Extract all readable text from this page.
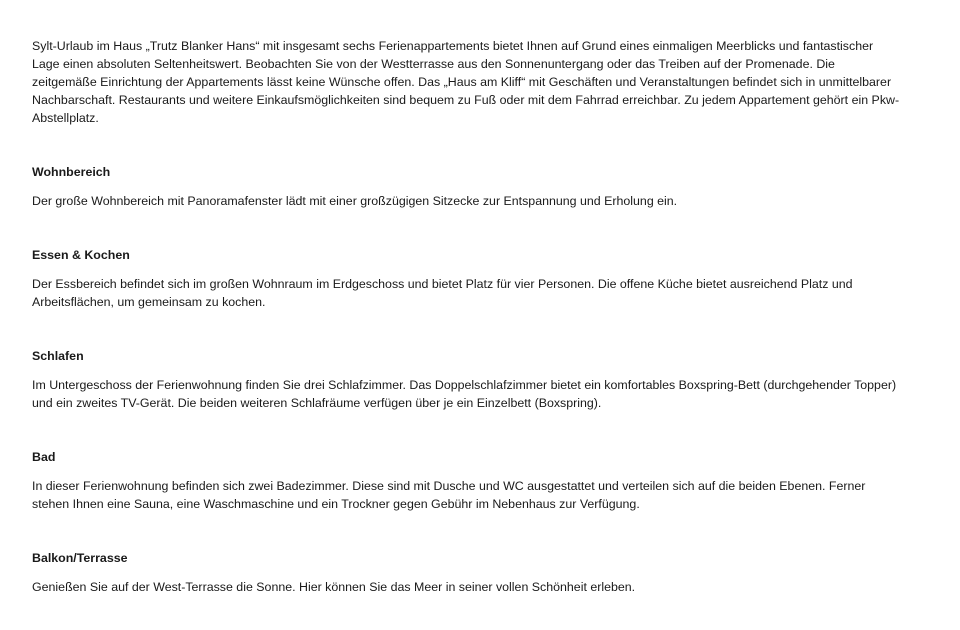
Sylt-Urlaub im Haus „Trutz Blanker Hans“ mit insgesamt sechs Ferienappartements bietet Ihnen auf Grund eines einmaligen Meerblicks und fantastischer Lage einen absoluten Seltenheitswert. Beobachten Sie von der Westterrasse aus den Sonnenuntergang oder das Treiben auf der Promenade. Die zeitgemäße Einrichtung der Appartements lässt keine Wünsche offen. Das „Haus am Kliff“ mit Geschäften und Veranstaltungen befindet sich in unmittelbarer Nachbarschaft. Restaurants und weitere Einkaufsmöglichkeiten sind bequem zu Fuß oder mit dem Fahrrad erreichbar. Zu jedem Appartement gehört ein Pkw-Abstellplatz.

Wohnbereich

Der große Wohnbereich mit Panoramafenster lädt mit einer großzügigen Sitzecke zur Entspannung und Erholung ein.

Essen & Kochen

Der Essbereich befindet sich im großen Wohnraum im Erdgeschoss und bietet Platz für vier Personen. Die offene Küche bietet ausreichend Platz und Arbeitsflächen, um gemeinsam zu kochen.

Schlafen

Im Untergeschoss der Ferienwohnung finden Sie drei Schlafzimmer. Das Doppelschlafzimmer bietet ein komfortables Boxspring-Bett (durchgehender Topper) und ein zweites TV-Gerät. Die beiden weiteren Schlafräume verfügen über je ein Einzelbett (Boxspring).

Bad

In dieser Ferienwohnung befinden sich zwei Badezimmer. Diese sind mit Dusche und WC ausgestattet und verteilen sich auf die beiden Ebenen. Ferner stehen Ihnen eine Sauna, eine Waschmaschine und ein Trockner gegen Gebühr im Nebenhaus zur Verfügung.

Balkon/Terrasse

Genießen Sie auf der West-Terrasse die Sonne. Hier können Sie das Meer in seiner vollen Schönheit erleben.
